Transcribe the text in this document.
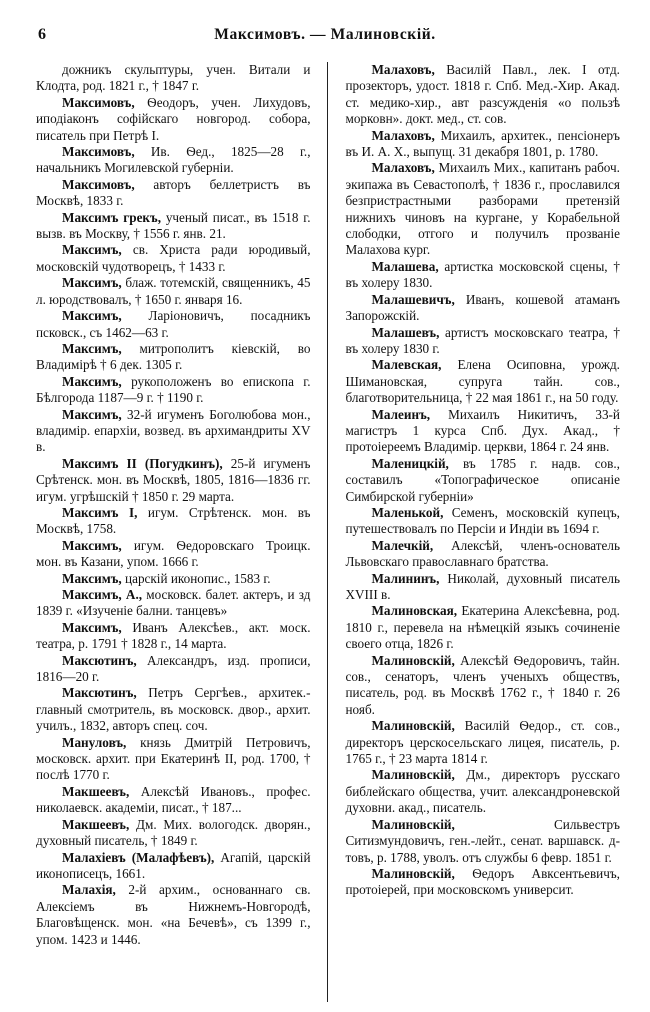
6	Максимовъ. — Малиновскій.

дожникъ скульптуры, учен. Витали и Клодта, род. 1821 г., † 1847 г.

Максимовъ, Ѳеодоръ, учен. Лихудовъ, иподіаконъ софійскаго новгород. собора, писатель при Петрѣ I.

Максимовъ, Ив. Ѳед., 1825—28 г., начальникъ Могилевской губерніи.

Максимовъ, авторъ беллетристъ въ Москвѣ, 1833 г.

Максимъ грекъ, ученый писат., въ 1518 г. вызв. въ Москву, † 1556 г. янв. 21.

Максимъ, св. Христа ради юродивый, московскій чудотворецъ, † 1433 г.

Максимъ, блаж. тотемскій, священникъ, 45 л. юродствовалъ, † 1650 г. января 16.

Максимъ, Ларіоновичъ, посадникъ псковск., съ 1462—63 г.

Максимъ, митрополитъ кіевскій, во Владимірѣ † 6 дек. 1305 г.

Максимъ, рукоположенъ во епископа г. Бѣлгорода 1187—9 г. † 1190 г.

Максимъ, 32-й игуменъ Боголюбова мон., владимір. епархіи, возвед. въ архимандриты XV в.

Максимъ II (Погудкинъ), 25-й игуменъ Срѣтенск. мон. въ Москвѣ, 1805, 1816—1836 гг. игум. угрѣшскій † 1850 г. 29 марта.

Максимъ I, игум. Стрѣтенск. мон. въ Москвѣ, 1758.

Максимъ, игум. Ѳедоровскаго Троицк. мон. въ Казани, упом. 1666 г.

Максимъ, царскій иконопис., 1583 г.

Максимъ, А., московск. балет. актеръ, и зд 1839 г. «Изученіе бални. танцевъ»

Максимъ, Иванъ Алексѣев., акт. моск. театра, р. 1791 † 1828 г., 14 марта.

Максютинъ, Александръ, изд. прописи, 1816—20 г.

Максютинъ, Петръ Сергѣев., архитек.-главный смотритель, въ московск. двор., архит. училъ., 1832, авторъ спец. соч.

Мануловъ, князь Дмитрій Петровичъ, московск. архит. при Екатеринѣ II, род. 1700, † послѣ 1770 г.

Макшеевъ, Алексѣй Ивановъ., профес. николаевск. академіи, писат., † 187...

Макшеевъ, Дм. Мих. вологодск. дворян., духовный писатель, † 1849 г.

Малахіевъ (Малафѣевъ), Агапій, царскій иконописецъ, 1661.

Малахія, 2-й архим., основаннаго св. Алексіемъ въ Нижнемъ-Новгородѣ, Благовѣщенск. мон. «на Бечевѣ», съ 1399 г., упом. 1423 и 1446.

Малаховъ, Василій Павл., лек. I отд. прозекторъ, удост. 1818 г. Спб. Мед.-Хир. Акад. ст. медико-хир., авт разсужденія «о пользѣ морковн». докт. мед., ст. сов.

Малаховъ, Михаилъ, архитек., пенсіонеръ въ И. А. Х., выпущ. 31 декабря 1801, р. 1780.

Малаховъ, Михаилъ Мих., капитанъ рабоч. экипажа въ Севастополѣ, † 1836 г., прославился безпристрастными разборами претензій нижнихъ чиновъ на кургане, у Корабельной слободки, отгого и получилъ прозваніе Малахова кург.

Малашева, артистка московской сцены, † въ холеру 1830.

Малашевичъ, Иванъ, кошевой атаманъ Запорожскій.

Малашевъ, артистъ московскаго театра, † въ холеру 1830 г.

Малевская, Елена Осиповна, урожд. Шимановская, супруга тайн. сов., благотворительница, † 22 мая 1861 г., на 50 году.

Малеинъ, Михаилъ Никитичъ, 33-й магистръ 1 курса Спб. Дух. Акад., † протоіереемъ Владимір. церкви, 1864 г. 24 янв.

Маленицкій, въ 1785 г. надв. сов., составилъ «Топографическое описаніе Симбирской губерніи»

Маленькой, Семенъ, московскій купецъ, путешествовалъ по Персіи и Индіи въ 1694 г.

Малечкій, Алексѣй, членъ-основатель Львовскаго православнаго братства.

Малининъ, Николай, духовный писатель XVIII в.

Малиновская, Екатерина Алексѣевна, род. 1810 г., перевела на нѣмецкій языкъ сочиненіе своего отца, 1826 г.

Малиновскій, Алексѣй Ѳедоровичъ, тайн. сов., сенаторъ, членъ ученыхъ обществъ, писатель, род. въ Москвѣ 1762 г., † 1840 г. 26 нояб.

Малиновскій, Василій Ѳедор., ст. сов., директоръ церскосельскаго лицея, писатель, р. 1765 г., † 23 марта 1814 г.

Малиновскій, Дм., директоръ русскаго библейскаго общества, учит. александроневской духовни. акад., писатель.

Малиновскій, Сильвестръ Ситизмундовичъ, ген.-лейт., сенат. варшавск. д-товъ, р. 1788, уволъ. отъ службы 6 февр. 1851 г.

Малиновскій, Ѳедоръ Авксентьевичъ, протоіерей, при московскомъ университ.
